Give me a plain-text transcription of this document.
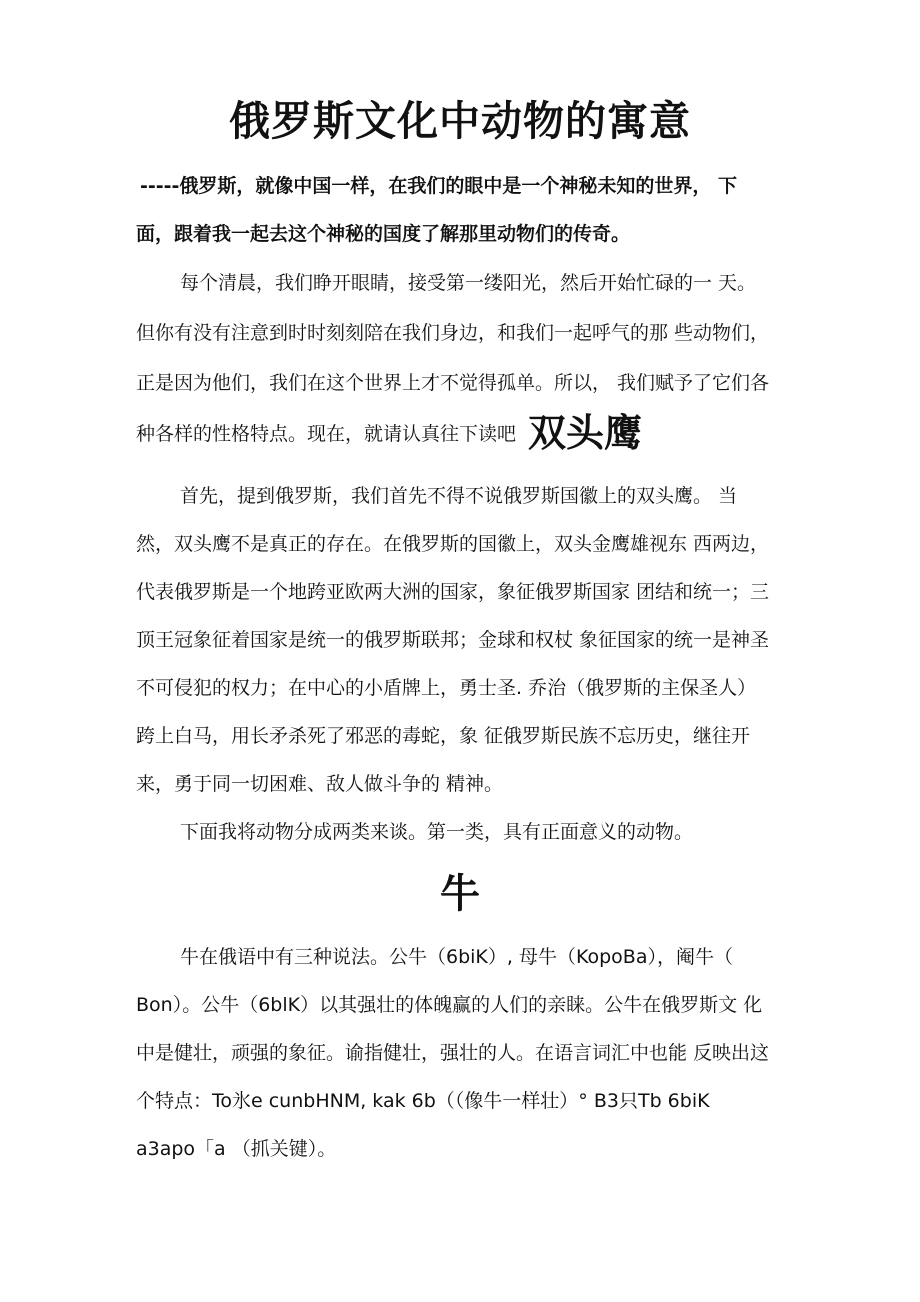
俄罗斯文化中动物的寓意
-----俄罗斯，就像中国一样，在我们的眼中是一个神秘未知的世界， 下
面，跟着我一起去这个神秘的国度了解那里动物们的传奇。
每个清晨，我们睁开眼睛，接受第一缕阳光，然后开始忙碌的一 天。
但你有没有注意到时时刻刻陪在我们身边，和我们一起呼气的那 些动物们，
正是因为他们，我们在这个世界上才不觉得孤单。所以， 我们赋予了它们各
种各样的性格特点。现在，就请认真往下读吧 双头鹰
首先，提到俄罗斯，我们首先不得不说俄罗斯国徽上的双头鹰。 当
然，双头鹰不是真正的存在。在俄罗斯的国徽上，双头金鹰雄视东 西两边，
代表俄罗斯是一个地跨亚欧两大洲的国家，象征俄罗斯国家 团结和统一；三
顶王冠象征着国家是统一的俄罗斯联邦；金球和权杖 象征国家的统一是神圣
不可侵犯的权力；在中心的小盾牌上，勇士圣. 乔治（俄罗斯的主保圣人）
跨上白马，用长矛杀死了邪恶的毒蛇，象 征俄罗斯民族不忘历史，继往开
来，勇于同一切困难、敌人做斗争的 精神。
下面我将动物分成两类来谈。第一类，具有正面意义的动物。
牛
牛在俄语中有三种说法。公牛（6biK）, 母牛（KopoBa），阉牛（
Bon）。公牛（6blK）以其强壮的体魄赢的人们的亲睐。公牛在俄罗斯文 化
中是健壮，顽强的象征。谕指健壮，强壮的人。在语言词汇中也能 反映出这
个特点：To氷e cunbHNM, kak 6b（（像牛一样壮）° B3只Tb 6biK
a3apo「a （抓关键）。
